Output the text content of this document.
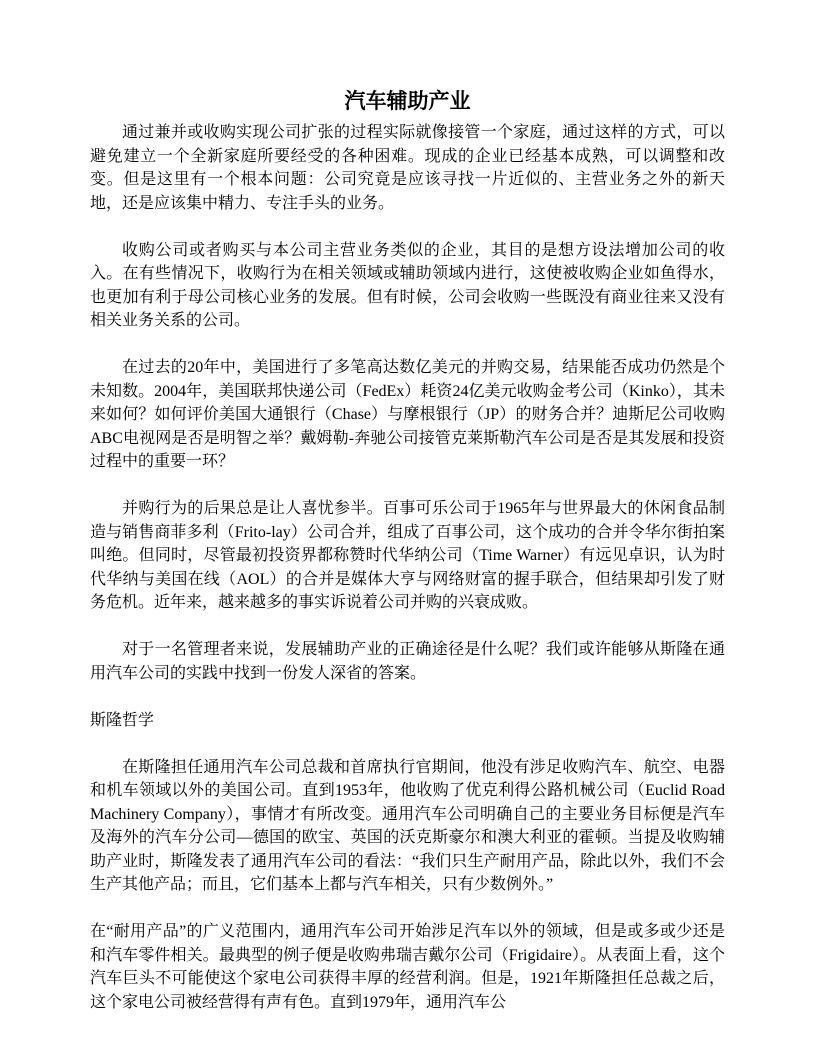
汽车辅助产业

通过兼并或收购实现公司扩张的过程实际就像接管一个家庭，通过这样的方式，可以避免建立一个全新家庭所要经受的各种困难。现成的企业已经基本成熟，可以调整和改变。但是这里有一个根本问题：公司究竟是应该寻找一片近似的、主营业务之外的新天地，还是应该集中精力、专注手头的业务。

收购公司或者购买与本公司主营业务类似的企业，其目的是想方设法增加公司的收入。在有些情况下，收购行为在相关领域或辅助领域内进行，这使被收购企业如鱼得水，也更加有利于母公司核心业务的发展。但有时候，公司会收购一些既没有商业往来又没有相关业务关系的公司。

在过去的20年中，美国进行了多笔高达数亿美元的并购交易，结果能否成功仍然是个未知数。2004年，美国联邦快递公司（FedEx）耗资24亿美元收购金考公司（Kinko），其未来如何？如何评价美国大通银行（Chase）与摩根银行（JP）的财务合并？迪斯尼公司收购ABC电视网是否是明智之举？戴姆勒-奔驰公司接管克莱斯勒汽车公司是否是其发展和投资过程中的重要一环？

并购行为的后果总是让人喜忧参半。百事可乐公司于1965年与世界最大的休闲食品制造与销售商菲多利（Frito-lay）公司合并，组成了百事公司，这个成功的合并令华尔街拍案叫绝。但同时，尽管最初投资界都称赞时代华纳公司（Time Warner）有远见卓识，认为时代华纳与美国在线（AOL）的合并是媒体大亨与网络财富的握手联合，但结果却引发了财务危机。近年来，越来越多的事实诉说着公司并购的兴衰成败。

对于一名管理者来说，发展辅助产业的正确途径是什么呢？我们或许能够从斯隆在通用汽车公司的实践中找到一份发人深省的答案。

斯隆哲学

在斯隆担任通用汽车公司总裁和首席执行官期间，他没有涉足收购汽车、航空、电器和机车领域以外的美国公司。直到1953年，他收购了优克利得公路机械公司（Euclid Road Machinery Company），事情才有所改变。通用汽车公司明确自己的主要业务目标便是汽车及海外的汽车分公司—德国的欧宝、英国的沃克斯豪尔和澳大利亚的霍顿。当提及收购辅助产业时，斯隆发表了通用汽车公司的看法：“我们只生产耐用产品，除此以外，我们不会生产其他产品；而且，它们基本上都与汽车相关，只有少数例外。”

在“耐用产品”的广义范围内，通用汽车公司开始涉足汽车以外的领域，但是或多或少还是和汽车零件相关。最典型的例子便是收购弗瑞吉戴尔公司（Frigidaire）。从表面上看，这个汽车巨头不可能使这个家电公司获得丰厚的经营利润。但是，1921年斯隆担任总裁之后，这个家电公司被经营得有声有色。直到1979年，通用汽车公
